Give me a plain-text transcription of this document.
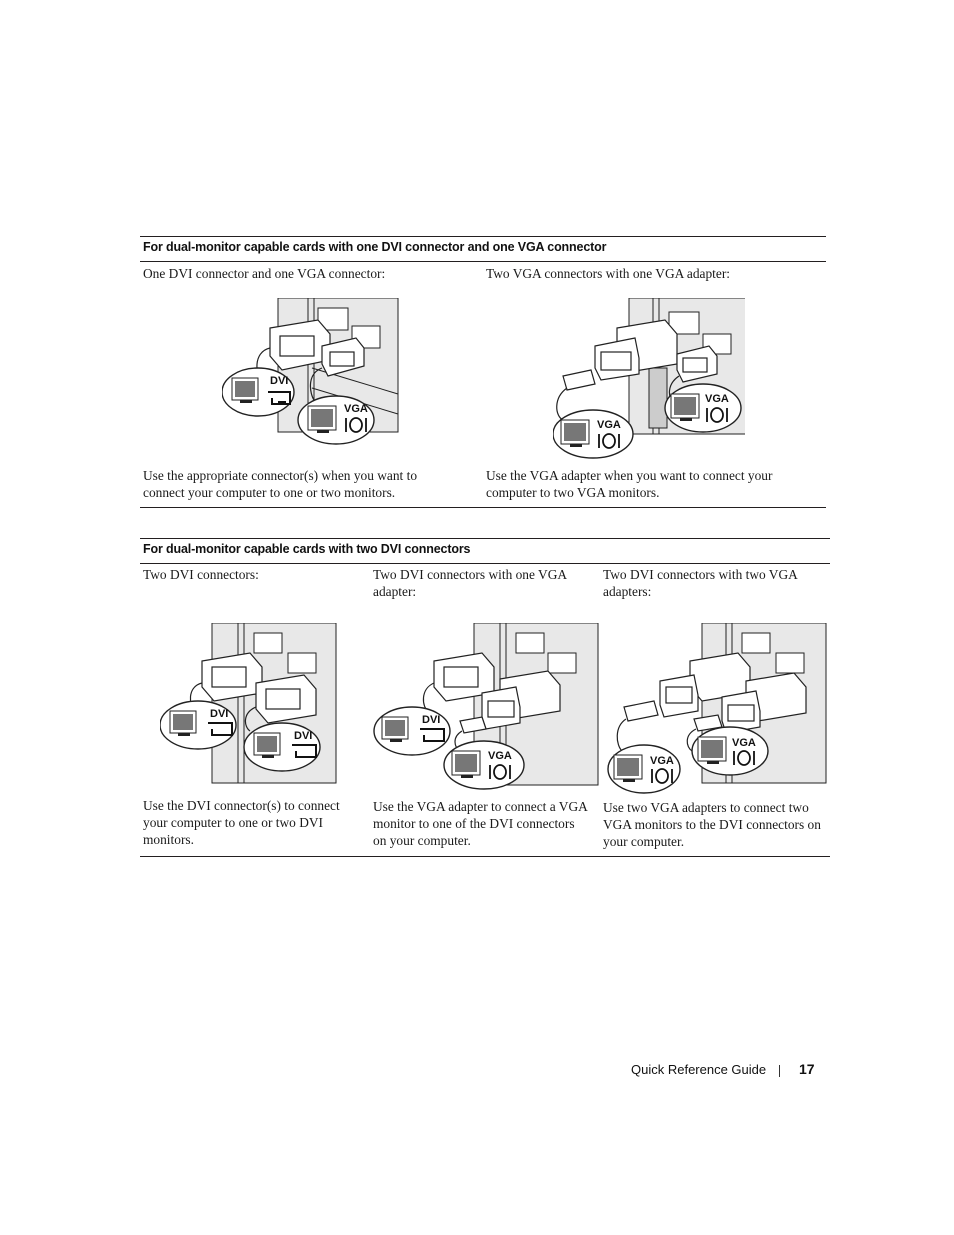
For dual-monitor capable cards with one DVI connector and one VGA connector
One DVI connector and one VGA connector:	Two VGA connectors with one VGA adapter:
DVI
VGA
VGA
VGA
Use the appropriate connector(s) when you want to connect your computer to one or two monitors.
Use the VGA adapter when you want to connect your computer to two VGA monitors.
For dual-monitor capable cards with two DVI connectors
Two DVI connectors:	Two DVI connectors with one VGA adapter:
Two DVI connectors with two VGA adapters:
DVI
DVI
DVI
VGA
VGA
VGA
Use the DVI connector(s) to connect your computer to one or two DVI monitors.
Use the VGA adapter to connect a VGA monitor to one of the DVI connectors on your computer.
Use two VGA adapters to connect two VGA monitors to the DVI connectors on your computer.
Quick Reference Guide 17
